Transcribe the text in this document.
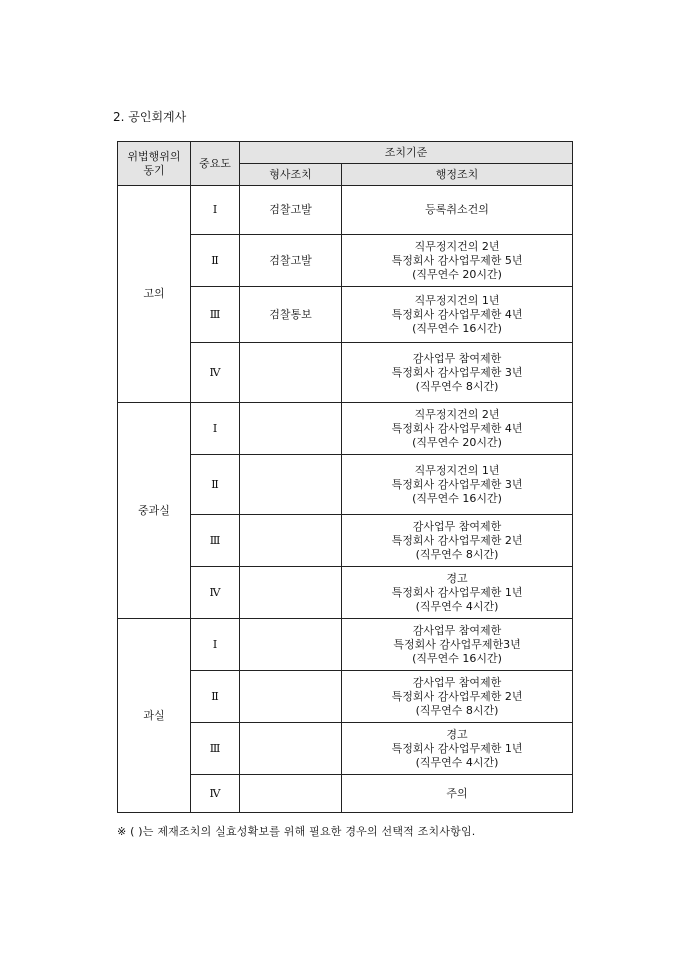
2. 공인회계사
위법행위의
동기	중요도	조치기준	
		형사조치	행정조치
고의	Ⅰ	검찰고발	등록취소건의

	Ⅱ	검찰고발	직무정지건의 2년
특정회사 감사업무제한 5년
(직무연수 20시간)

	Ⅲ	검찰통보	직무정지건의 1년
특정회사 감사업무제한 4년
(직무연수 16시간)

	Ⅳ		감사업무 참여제한
특정회사 감사업무제한 3년
(직무연수 8시간)

중과실	Ⅰ		직무정지건의 2년
특정회사 감사업무제한 4년
(직무연수 20시간)

	Ⅱ		직무정지건의 1년
특정회사 감사업무제한 3년
(직무연수 16시간)

	Ⅲ		감사업무 참여제한
특정회사 감사업무제한 2년
(직무연수 8시간)

	Ⅳ		경고
특정회사 감사업무제한 1년
(직무연수 4시간)

과실	Ⅰ		감사업무 참여제한
특정회사 감사업무제한3년
(직무연수 16시간)

	Ⅱ		감사업무 참여제한
특정회사 감사업무제한 2년
(직무연수 8시간)

	Ⅲ		경고
특정회사 감사업무제한 1년
(직무연수 4시간)

	Ⅳ		주의
※ ( )는 제재조치의 실효성확보를 위해 필요한 경우의 선택적 조치사항임.
